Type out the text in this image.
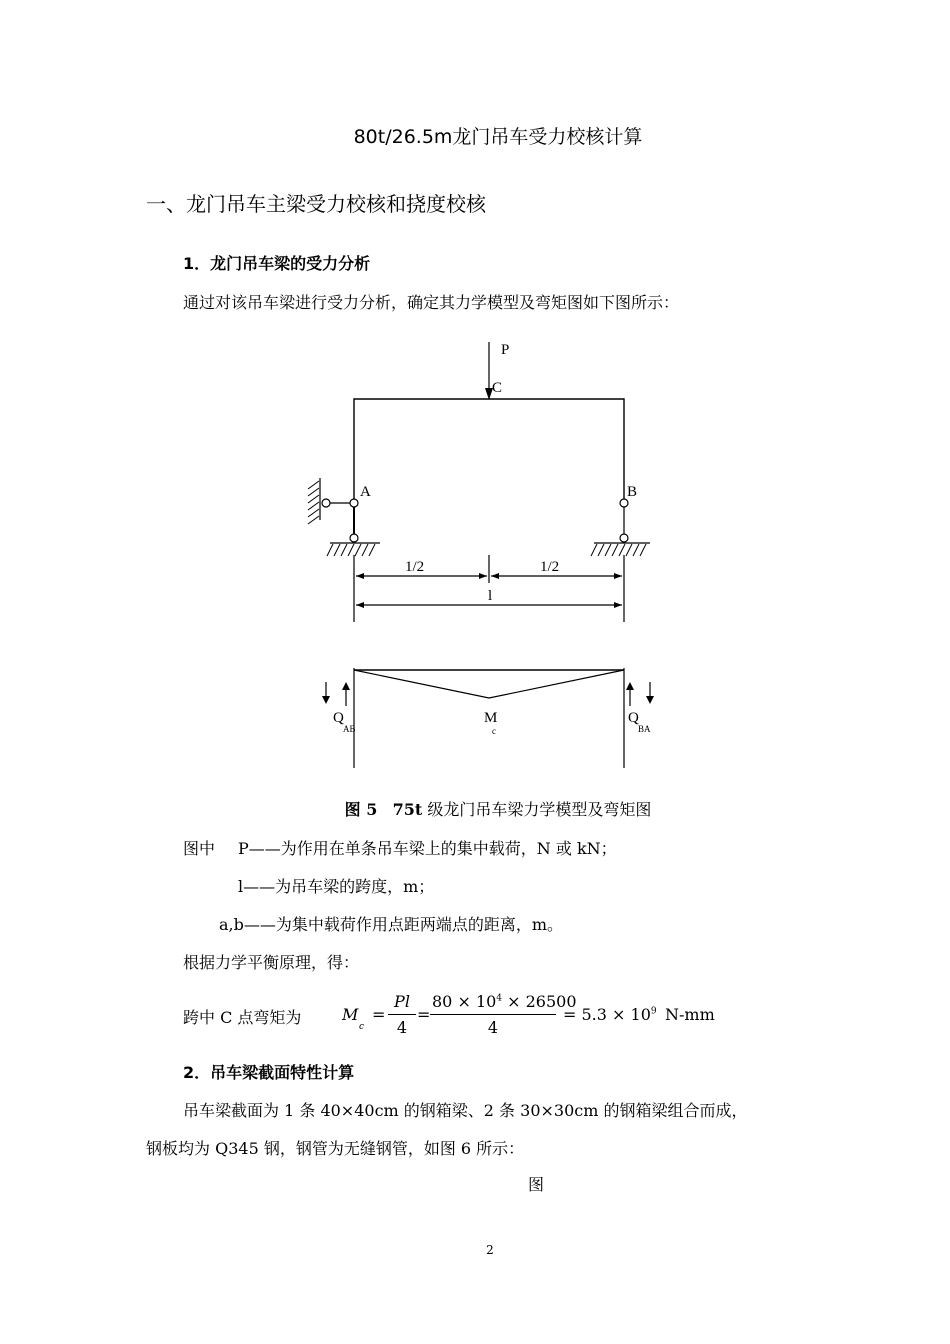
80t/26.5m龙门吊车受力校核计算
一、龙门吊车主梁受力校核和挠度校核
1．龙门吊车梁的受力分析
通过对该吊车梁进行受力分析，确定其力学模型及弯矩图如下图所示：
P
C
A	B
1/2	1/2
l
Q	M	Q
AB	c	BA
图 5 75t 级龙门吊车梁力学模型及弯矩图
图中 P——为作用在单条吊车梁上的集中载荷，N 或 kN；
l——为吊车梁的跨度，m；
a,b——为集中载荷作用点距两端点的距离，m。
根据力学平衡原理，得：
跨中 C 点弯矩为	M
c
=
Pl
4
=
$80 \times 10^4 \times 26500$
4
= $5.3 \times 10^9$ N-mm
2．吊车梁截面特性计算
吊车梁截面为 1 条 40×40cm 的钢箱梁、2 条 30×30cm 的钢箱梁组合而成，
钢板均为 Q345 钢，钢管为无缝钢管，如图 6 所示：
图
2
